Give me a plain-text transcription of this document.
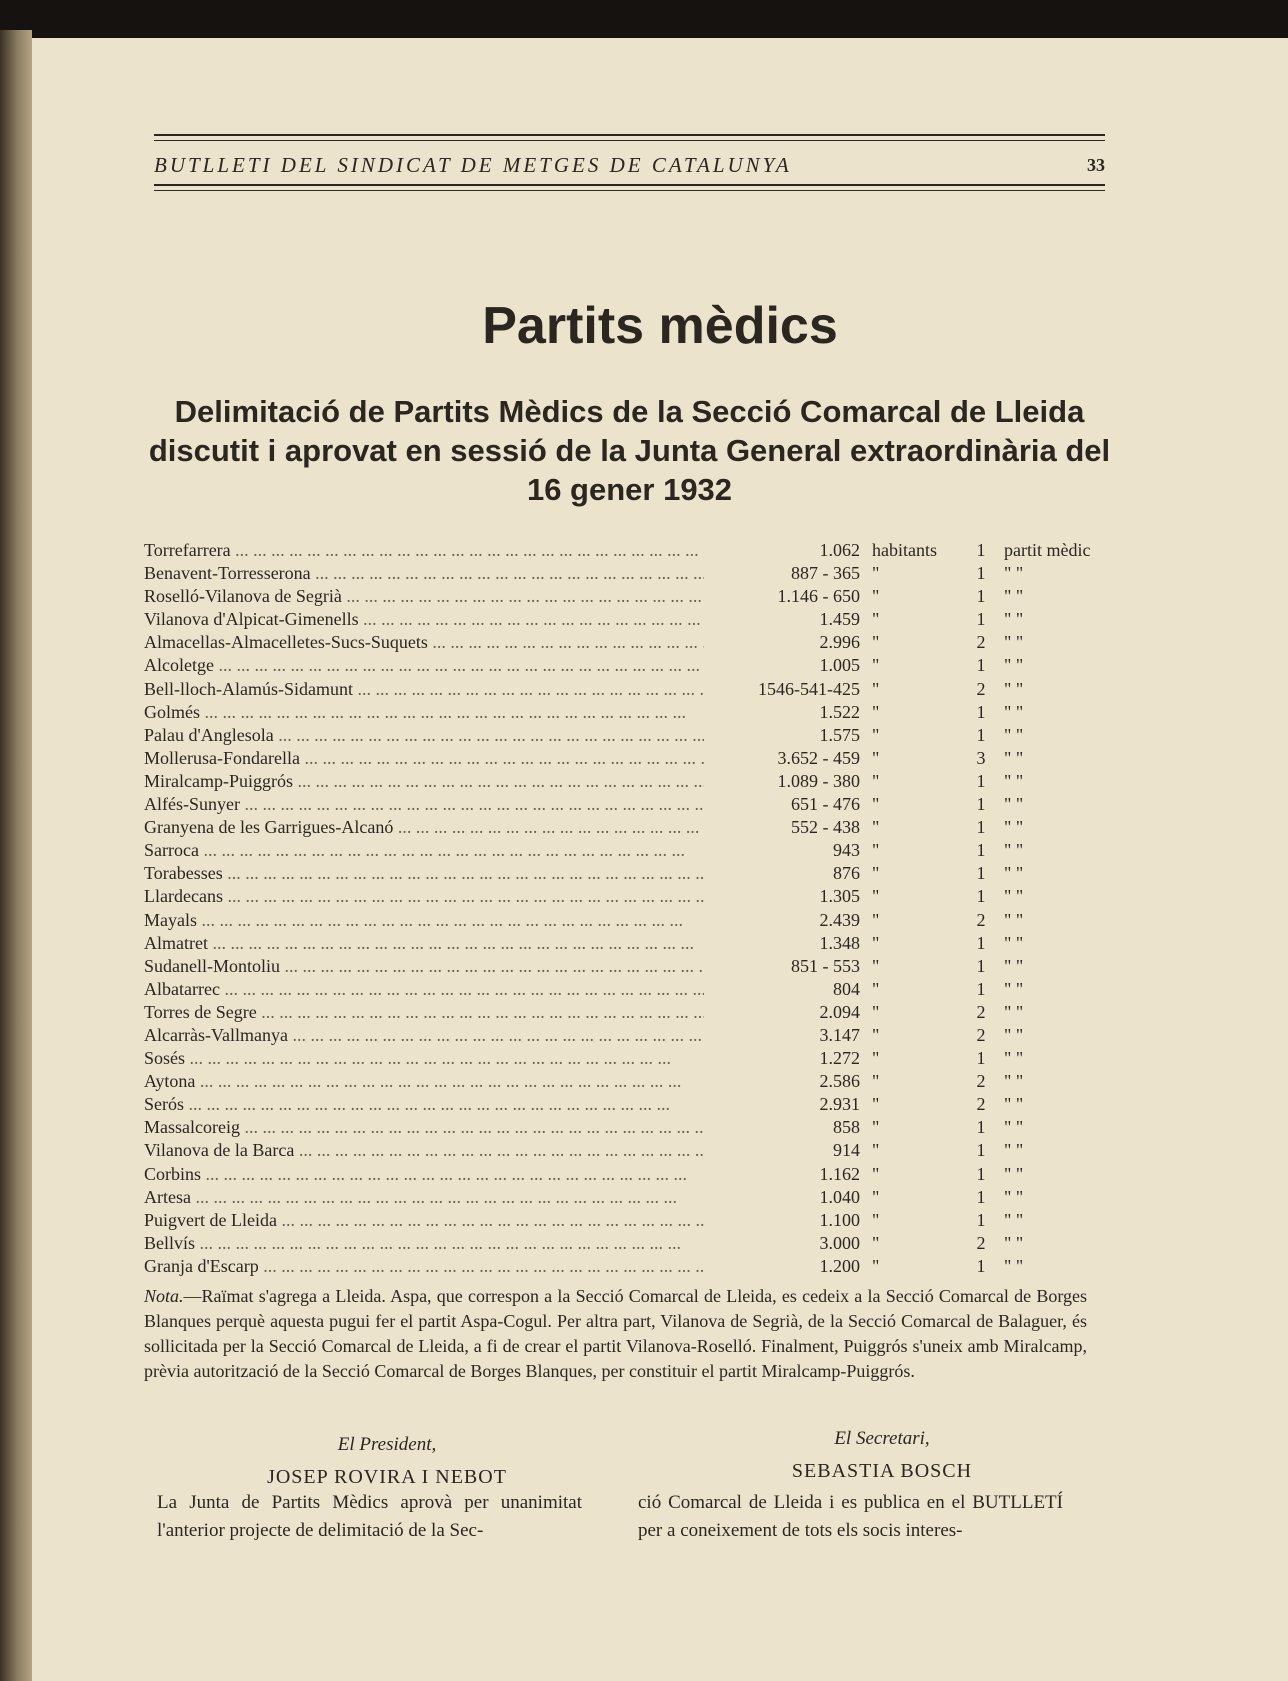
BUTLLETI DEL SINDICAT DE METGES DE CATALUNYA	33
Partits mèdics
Delimitació de Partits Mèdics de la Secció Comarcal de Lleida discutit i aprovat en sessió de la Junta General extraordinària del 16 gener 1932
Torrefarrera ... .	1.062 habitants	1	partit mèdic
Benavent-Torresserona ... .	887 - 365 "	1	" "
Roselló-Vilanova de Segrià ... .	1.146 - 650 "	1	" "
Vilanova d'Alpicat-Gimenells ... .	1.459 "	1	" "
Almacellas-Almacelletes-Sucs-Suquets ... .	2.996 "	2	" "
Alcoletge ... .	1.005 "	1	" "
Bell-lloch-Alamús-Sidamunt ... .	1546-541-425 "	2	" "
Golmés ... .	1.522 "	1	" "
Palau d'Anglesola ... .	1.575 "	1	" "
Mollerusa-Fondarella ... .	3.652 - 459 "	3	" "
Miralcamp-Puiggrós ... .	1.089 - 380 "	1	" "
Alfés-Sunyer ... .	651 - 476 "	1	" "
Granyena de les Garrigues-Alcanó ... .	552 - 438 "	1	" "
Sarroca ... .	943 "	1	" "
Torabesses ... .	876 "	1	" "
Llardecans ... .	1.305 "	1	" "
Mayals ... .	2.439 "	2	" "
Almatret ... .	1.348 "	1	" "
Sudanell-Montoliu ... .	851 - 553 "	1	" "
Albatarrec ... .	804 "	1	" "
Torres de Segre ... .	2.094 "	2	" "
Alcarràs-Vallmanya ... .	3.147 "	2	" "
Sosés ... .	1.272 "	1	" "
Aytona ... .	2.586 "	2	" "
Serós ... .	2.931 "	2	" "
Massalcoreig ... .	858 "	1	" "
Vilanova de la Barca ... .	914 "	1	" "
Corbins ... .	1.162 "	1	" "
Artesa ... .	1.040 "	1	" "
Puigvert de Lleida ... .	1.100 "	1	" "
Bellvís ... .	3.000 "	2	" "
Granja d'Escarp ... .	1.200 "	1	" "
Nota.—Raïmat s'agrega a Lleida. Aspa, que correspon a la Secció Comarcal de Lleida, es cedeix a la Secció Comarcal de Borges Blanques perquè aquesta pugui fer el partit Aspa-Cogul. Per altra part, Vilanova de Segrià, de la Secció Comarcal de Balaguer, és sollicitada per la Secció Comarcal de Lleida, a fi de crear el partit Vilanova-Roselló. Finalment, Puiggrós s'uneix amb Miralcamp, prèvia autorització de la Secció Comarcal de Borges Blanques, per constituir el partit Miralcamp-Puiggrós.
El President,
JOSEP ROVIRA I NEBOT
El Secretari,
SEBASTIA BOSCH
La Junta de Partits Mèdics aprovà per unanimitat l'anterior projecte de delimitació de la Sec-
ció Comarcal de Lleida i es publica en el BUTLLETÍ per a coneixement de tots els socis interes-
